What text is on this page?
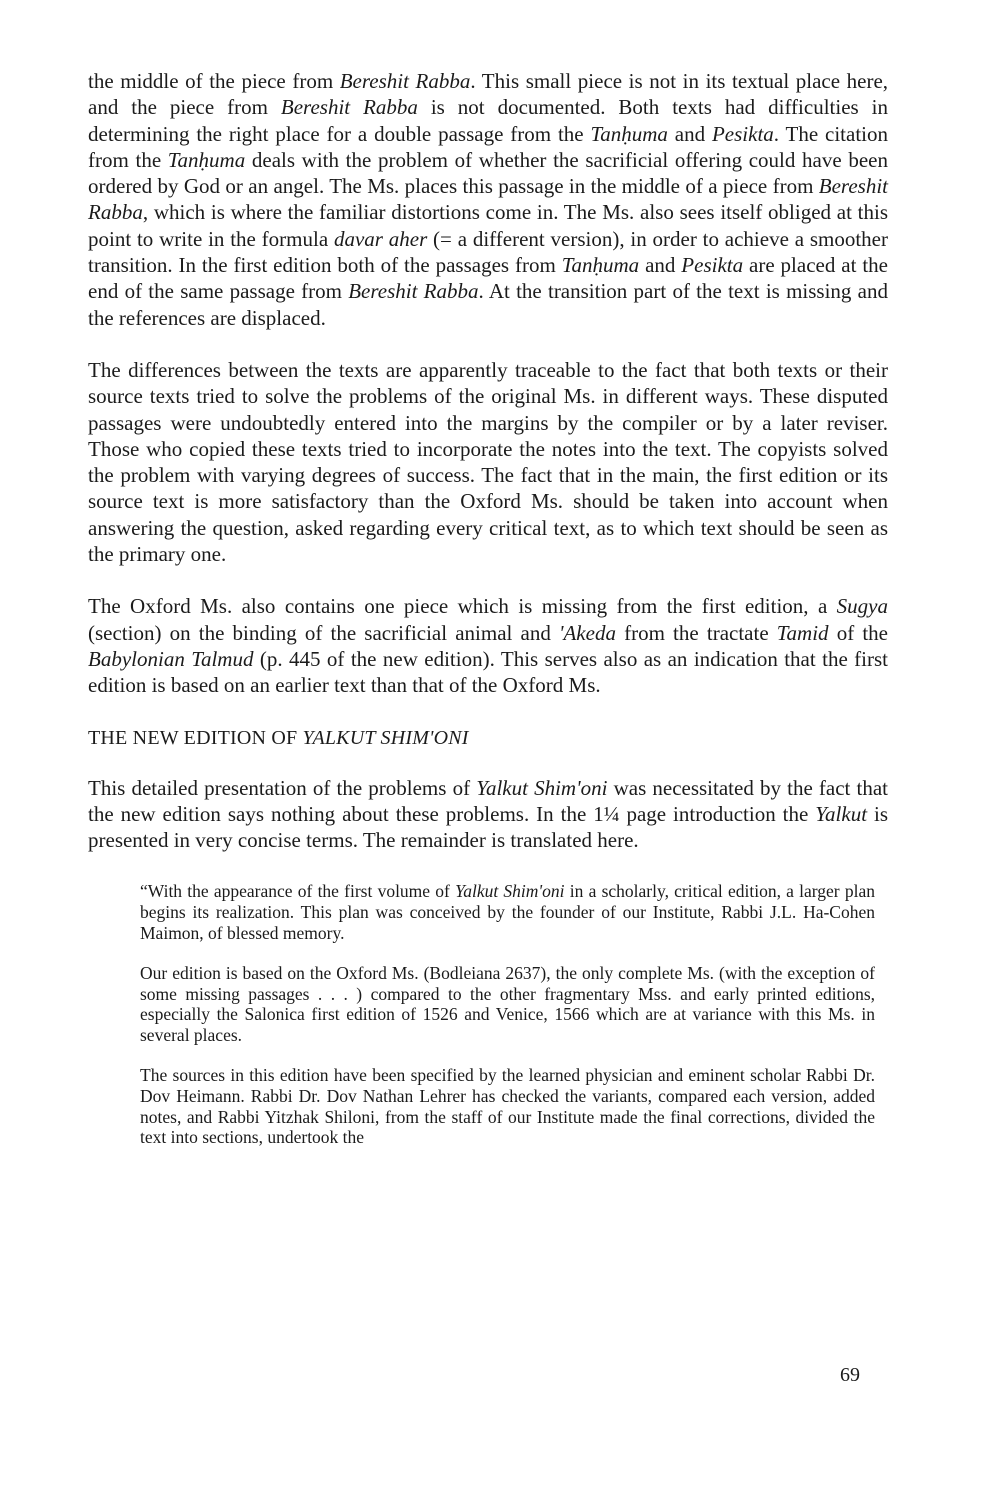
the middle of the piece from Bereshit Rabba. This small piece is not in its textual place here, and the piece from Bereshit Rabba is not documented. Both texts had difficulties in determining the right place for a double passage from the Tanḥuma and Pesikta. The citation from the Tanḥuma deals with the problem of whether the sacrificial offering could have been ordered by God or an angel. The Ms. places this passage in the middle of a piece from Bereshit Rabba, which is where the familiar distortions come in. The Ms. also sees itself obliged at this point to write in the formula davar aher (= a different version), in order to achieve a smoother transition. In the first edition both of the passages from Tanḥuma and Pesikta are placed at the end of the same passage from Bereshit Rabba. At the transition part of the text is missing and the references are displaced.

The differences between the texts are apparently traceable to the fact that both texts or their source texts tried to solve the problems of the original Ms. in different ways. These disputed passages were undoubtedly entered into the margins by the compiler or by a later reviser. Those who copied these texts tried to incorporate the notes into the text. The copyists solved the problem with varying degrees of success. The fact that in the main, the first edition or its source text is more satisfactory than the Oxford Ms. should be taken into account when answering the question, asked regarding every critical text, as to which text should be seen as the primary one.

The Oxford Ms. also contains one piece which is missing from the first edition, a Sugya (section) on the binding of the sacrificial animal and 'Akeda from the tractate Tamid of the Babylonian Talmud (p. 445 of the new edition). This serves also as an indication that the first edition is based on an earlier text than that of the Oxford Ms.

THE NEW EDITION OF YALKUT SHIM'ONI

This detailed presentation of the problems of Yalkut Shim'oni was necessitated by the fact that the new edition says nothing about these problems. In the 1¼ page introduction the Yalkut is presented in very concise terms. The remainder is translated here.

“With the appearance of the first volume of Yalkut Shim'oni in a scholarly, critical edition, a larger plan begins its realization. This plan was conceived by the founder of our Institute, Rabbi J.L. Ha-Cohen Maimon, of blessed memory.

Our edition is based on the Oxford Ms. (Bodleiana 2637), the only complete Ms. (with the exception of some missing passages . . . ) compared to the other fragmentary Mss. and early printed editions, especially the Salonica first edition of 1526 and Venice, 1566 which are at variance with this Ms. in several places.

The sources in this edition have been specified by the learned physician and eminent scholar Rabbi Dr. Dov Heimann. Rabbi Dr. Dov Nathan Lehrer has checked the variants, compared each version, added notes, and Rabbi Yitzhak Shiloni, from the staff of our Institute made the final corrections, divided the text into sections, undertook the

69
